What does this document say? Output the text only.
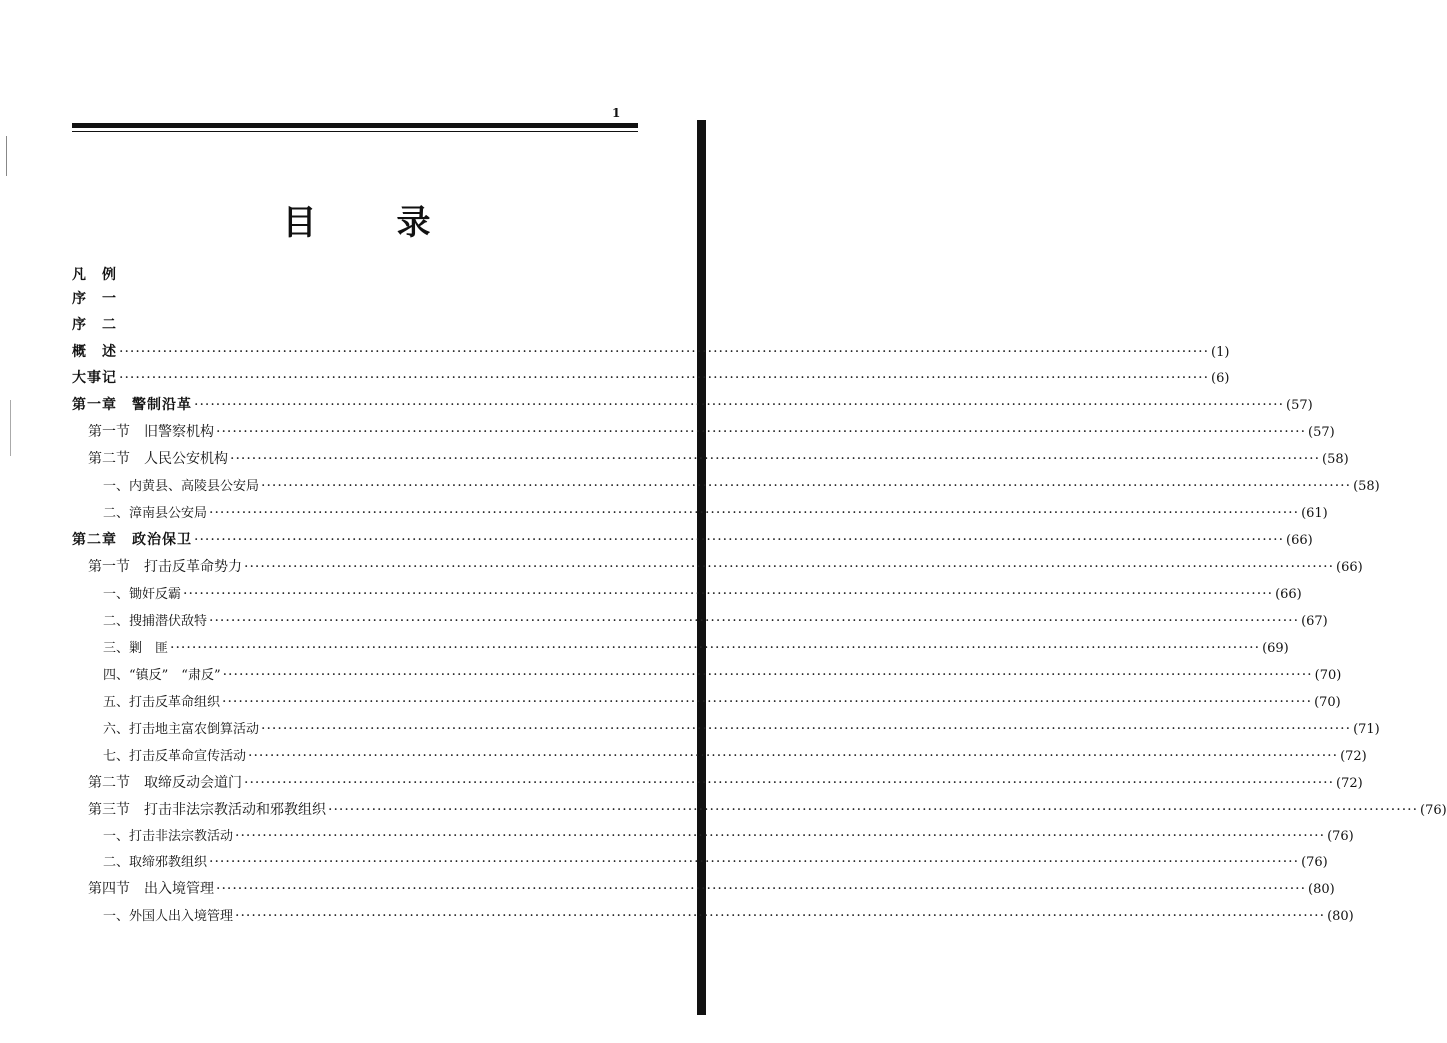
1
目 录
凡　例
序　一
序　二
概　述 ········································································································································································································ (1)
大事记 ········································································································································································································ (6)
第一章　警制沿革 ········································································································································································································ (57)
第一节　旧警察机构 ········································································································································································································ (57)
第二节　人民公安机构 ········································································································································································································ (58)
一、内黄县、高陵县公安局 ········································································································································································································ (58)
二、漳南县公安局 ········································································································································································································ (61)
第二章　政治保卫 ········································································································································································································ (66)
第一节　打击反革命势力 ········································································································································································································ (66)
一、锄奸反霸 ········································································································································································································ (66)
二、搜捕潜伏敌特 ········································································································································································································ (67)
三、剿　匪 ········································································································································································································ (69)
四、“镇反”　“肃反” ········································································································································································································ (70)
五、打击反革命组织 ········································································································································································································ (70)
六、打击地主富农倒算活动 ········································································································································································································ (71)
七、打击反革命宣传活动 ········································································································································································································ (72)
第二节　取缔反动会道门 ········································································································································································································ (72)
第三节　打击非法宗教活动和邪教组织 ········································································································································································································ (76)
一、打击非法宗教活动 ········································································································································································································ (76)
二、取缔邪教组织 ········································································································································································································ (76)
第四节　出入境管理 ········································································································································································································ (80)
一、外国人出入境管理 ········································································································································································································ (80)
